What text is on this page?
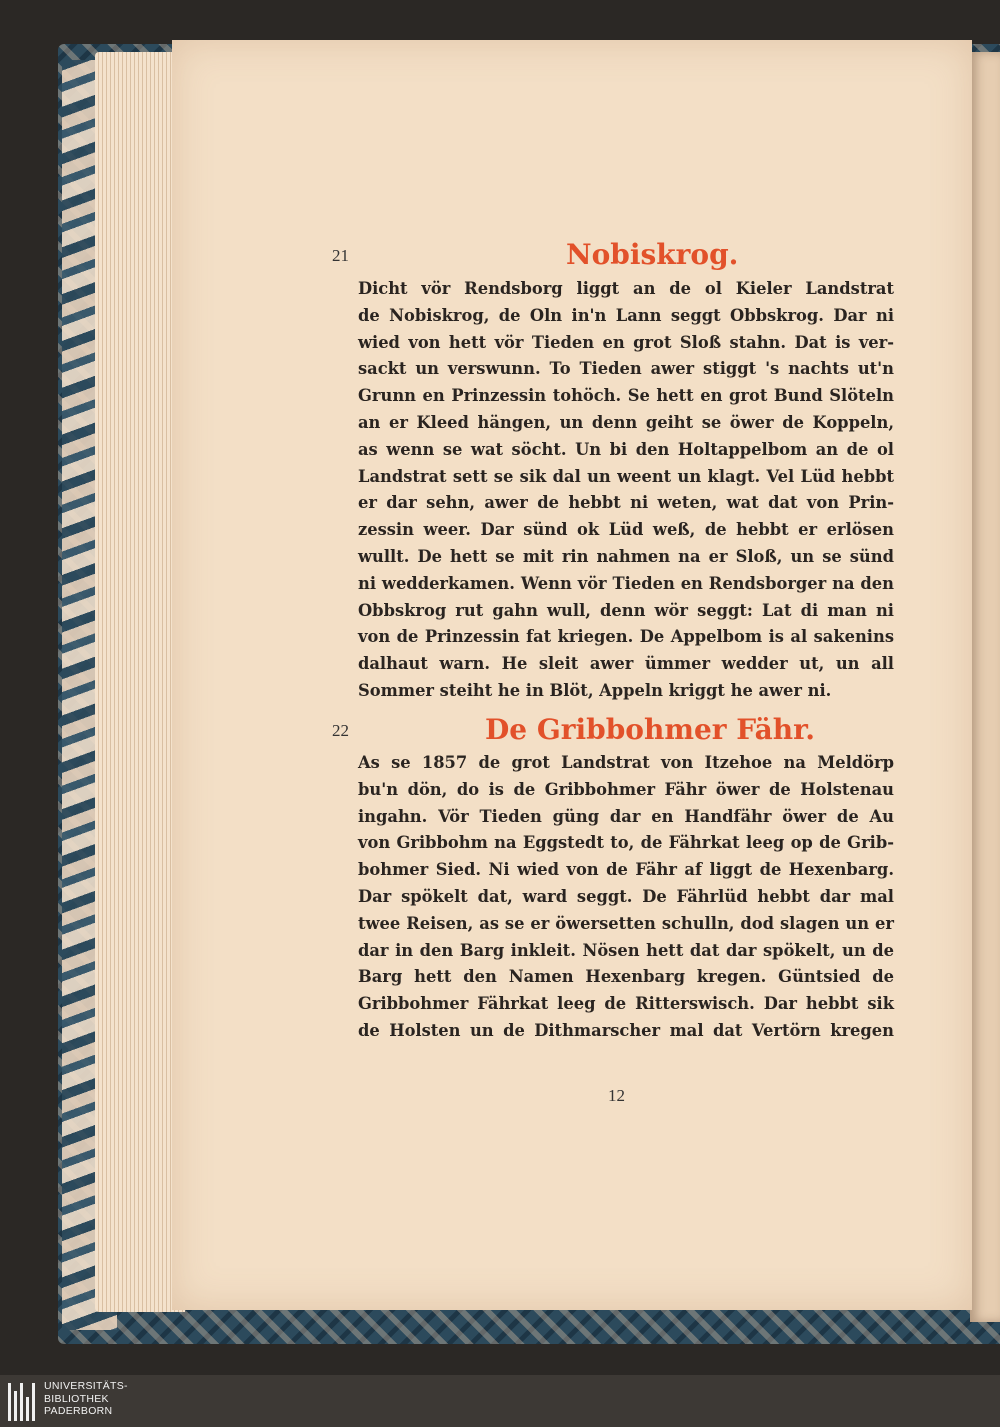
21	Nobiskrog.
Dicht vör Rendsborg liggt an de ol Kieler Landstrat
de Nobiskrog, de Oln in'n Lann seggt Obbskrog. Dar ni
wied von hett vör Tieden en grot Sloß stahn. Dat is ver-
sackt un verswunn. To Tieden awer stiggt 's nachts ut'n
Grunn en Prinzessin tohöch. Se hett en grot Bund Slöteln
an er Kleed hängen, un denn geiht se öwer de Koppeln,
as wenn se wat söcht. Un bi den Holtappelbom an de ol
Landstrat sett se sik dal un weent un klagt. Vel Lüd hebbt
er dar sehn, awer de hebbt ni weten, wat dat von Prin-
zessin weer. Dar sünd ok Lüd weß, de hebbt er erlösen
wullt. De hett se mit rin nahmen na er Sloß, un se sünd
ni wedderkamen. Wenn vör Tieden en Rendsborger na den
Obbskrog rut gahn wull, denn wör seggt: Lat di man ni
von de Prinzessin fat kriegen. De Appelbom is al sakenins
dalhaut warn. He sleit awer ümmer wedder ut, un all
Sommer steiht he in Blöt, Appeln kriggt he awer ni.
22	De Gribbohmer Fähr.
As se 1857 de grot Landstrat von Itzehoe na Meldörp
bu'n dön, do is de Gribbohmer Fähr öwer de Holstenau
ingahn. Vör Tieden güng dar en Handfähr öwer de Au
von Gribbohm na Eggstedt to, de Fährkat leeg op de Grib-
bohmer Sied. Ni wied von de Fähr af liggt de Hexenbarg.
Dar spökelt dat, ward seggt. De Fährlüd hebbt dar mal
twee Reisen, as se er öwersetten schulln, dod slagen un er
dar in den Barg inkleit. Nösen hett dat dar spökelt, un de
Barg hett den Namen Hexenbarg kregen. Güntsied de
Gribbohmer Fährkat leeg de Ritterswisch. Dar hebbt sik
de Holsten un de Dithmarscher mal dat Vertörn kregen
12
UNIVERSITÄTS-
BIBLIOTHEK
PADERBORN
